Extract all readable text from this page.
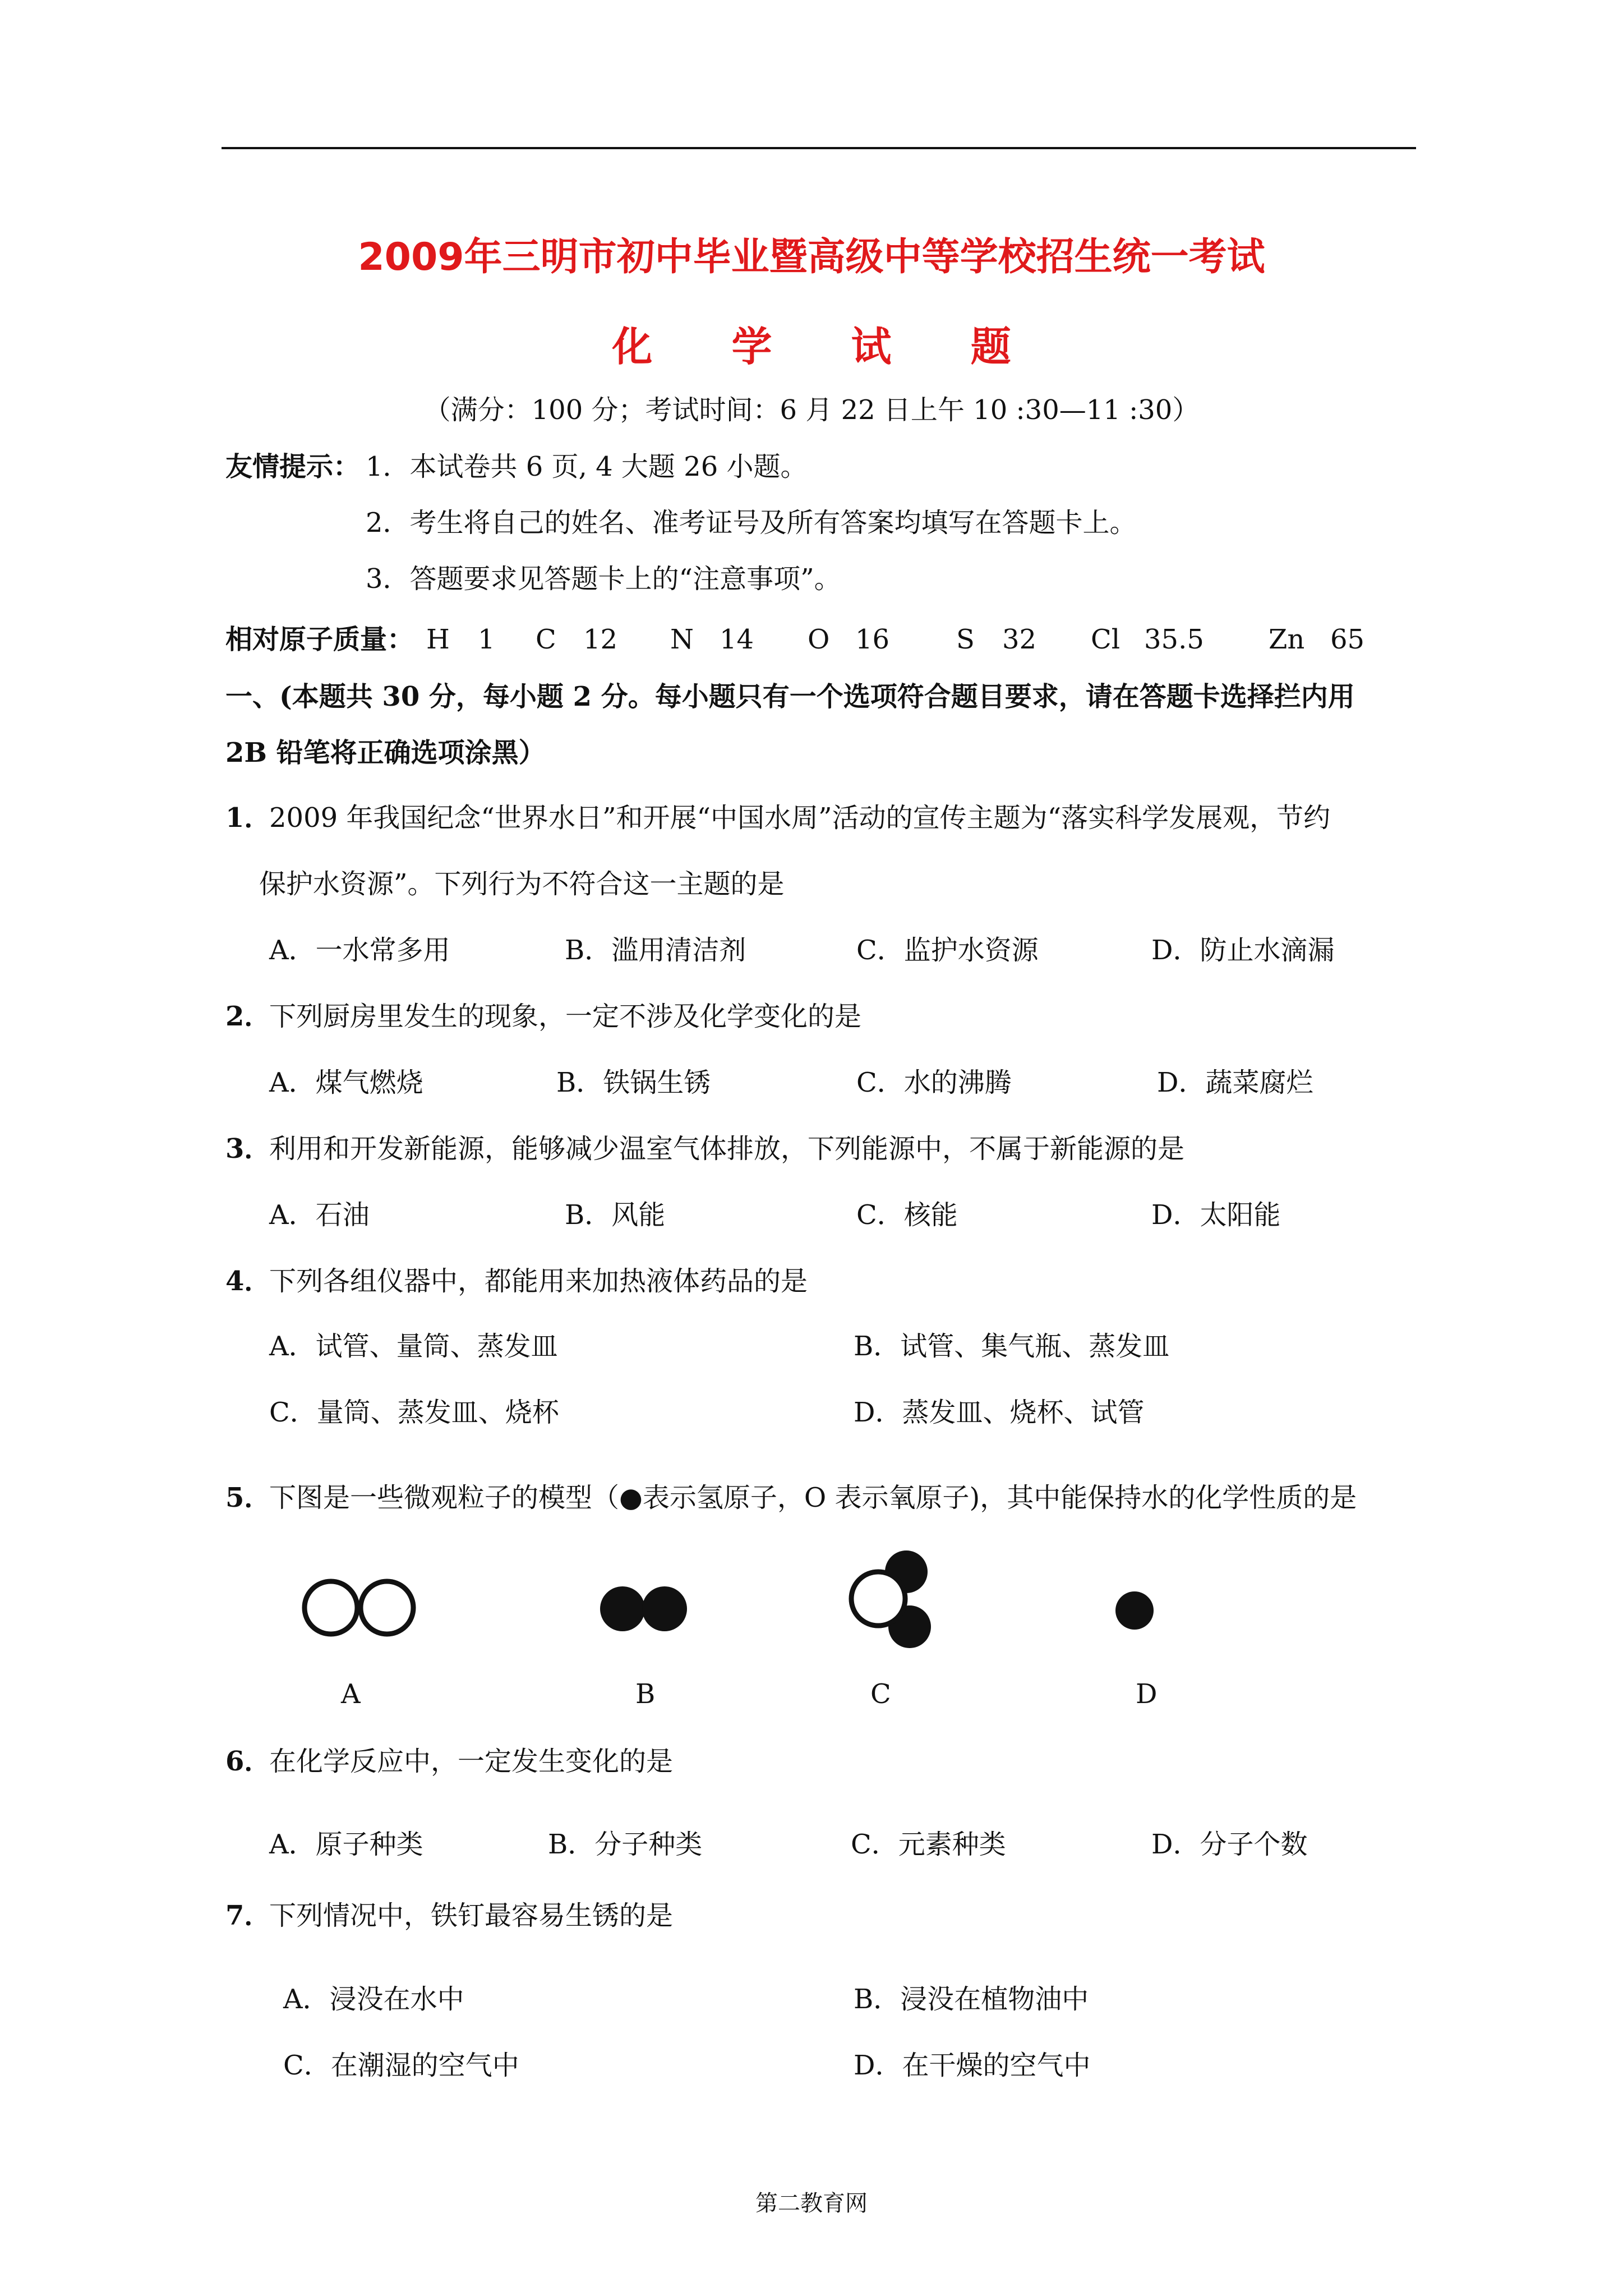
2009年三明市初中毕业暨高级中等学校招生统一考试
化 学 试 题
（满分：100 分；考试时间：6 月 22 日上午 10 :30—11 :30）
友情提示： 1．本试卷共 6 页, 4 大题 26 小题。
2．考生将自己的姓名、准考证号及所有答案均填写在答题卡上。
3．答题要求见答题卡上的“注意事项”。
相对原子质量： H 1 C 12 N 14 O 16 S 32 Cl 35.5 Zn 65
一、(本题共 30 分，每小题 2 分。每小题只有一个选项符合题目要求，请在答题卡选择拦内用
2B 铅笔将正确选项涂黑）
1．
2009 年我国纪念“世界水日”和开展“中国水周”活动的宣传主题为“落实科学发展观，节约
保护水资源”。下列行为不符合这一主题的是
A．一水常多用	B．滥用清洁剂	C．监护水资源	D．防止水滴漏
2．
下列厨房里发生的现象，一定不涉及化学变化的是
A．煤气燃烧	B．铁锅生锈	C．水的沸腾	D．蔬菜腐烂
3．
利用和开发新能源，能够减少温室气体排放，下列能源中，不属于新能源的是
A．石油	B．风能	C．核能	D．太阳能
4．
下列各组仪器中，都能用来加热液体药品的是
A．试管、量筒、蒸发皿	B．试管、集气瓶、蒸发皿
C．量筒、蒸发皿、烧杯	D．蒸发皿、烧杯、试管
5．
下图是一些微观粒子的模型（●表示氢原子，O 表示氧原子)，其中能保持水的化学性质的是
A	B	C	D
6．
在化学反应中，一定发生变化的是
A．原子种类	B．分子种类	C．元素种类	D．分子个数
7．
下列情况中，铁钉最容易生锈的是
A．浸没在水中	B．浸没在植物油中
C．在潮湿的空气中	D．在干燥的空气中
第二教育网
